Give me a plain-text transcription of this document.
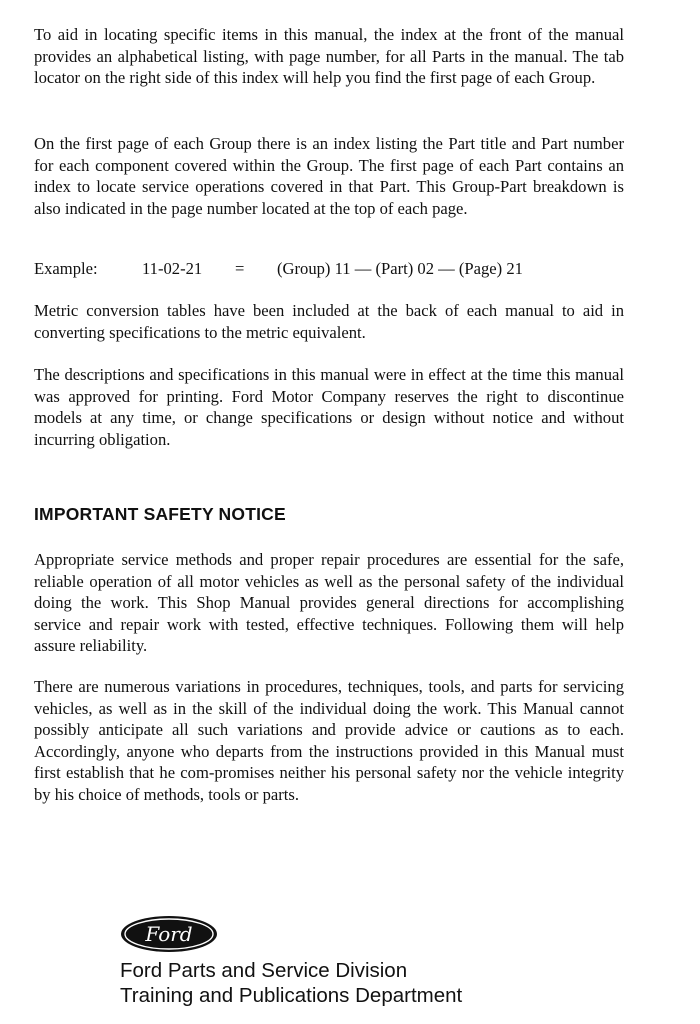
To aid in locating specific items in this manual, the index at the front of the manual provides an alphabetical listing, with page number, for all Parts in the manual. The tab locator on the right side of this index will help you find the first page of each Group.

On the first page of each Group there is an index listing the Part title and Part number for each component covered within the Group. The first page of each Part contains an index to locate service operations covered in that Part. This Group-Part breakdown is also indicated in the page number located at the top of each page.

Example:	11-02-21 = (Group) 11 — (Part) 02 — (Page) 21

Metric conversion tables have been included at the back of each manual to aid in converting specifications to the metric equivalent.

The descriptions and specifications in this manual were in effect at the time this manual was approved for printing. Ford Motor Company reserves the right to discontinue models at any time, or change specifications or design without notice and without incurring obligation.

IMPORTANT SAFETY NOTICE

Appropriate service methods and proper repair procedures are essential for the safe, reliable operation of all motor vehicles as well as the personal safety of the individual doing the work. This Shop Manual provides general directions for accomplishing service and repair work with tested, effective techniques. Following them will help assure reliability.

There are numerous variations in procedures, techniques, tools, and parts for servicing vehicles, as well as in the skill of the individual doing the work. This Manual cannot possibly anticipate all such variations and provide advice or cautions as to each. Accordingly, anyone who departs from the instructions provided in this Manual must first establish that he com-promises neither his personal safety nor the vehicle integrity by his choice of methods, tools or parts.

Ford
Ford Parts and Service Division
Training and Publications Department
